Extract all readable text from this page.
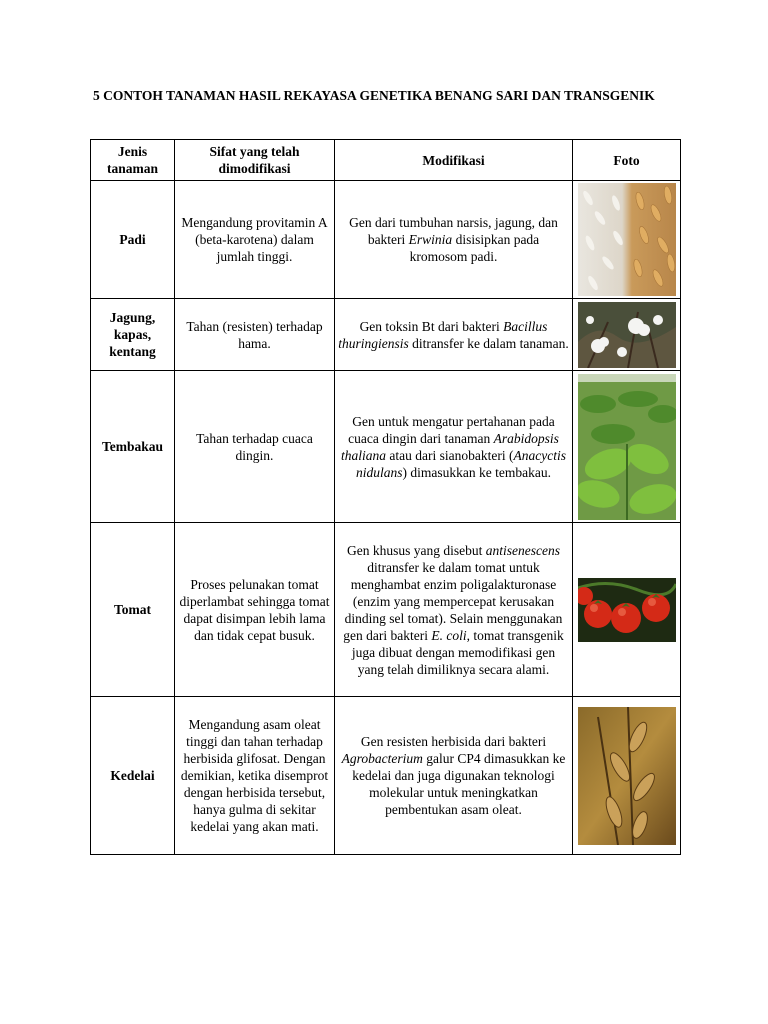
5 CONTOH TANAMAN HASIL REKAYASA GENETIKA BENANG SARI DAN TRANSGENIK

Jenis tanaman	Sifat yang telah dimodifikasi	Modifikasi	Foto
Padi	Mengandung provitamin A (beta-karotena) dalam jumlah tinggi.	Gen dari tumbuhan narsis, jagung, dan bakteri Erwinia disisipkan pada kromosom padi.	

Jagung, kapas, kentang	Tahan (resisten) terhadap hama.	Gen toksin Bt dari bakteri Bacillus thuringiensis ditransfer ke dalam tanaman.	

Tembakau	Tahan terhadap cuaca dingin.	Gen untuk mengatur pertahanan pada cuaca dingin dari tanaman Arabidopsis thaliana atau dari sianobakteri (Anacyctis nidulans) dimasukkan ke tembakau.	

Tomat	Proses pelunakan tomat diperlambat sehingga tomat dapat disimpan lebih lama dan tidak cepat busuk.	Gen khusus yang disebut antisenescens ditransfer ke dalam tomat untuk menghambat enzim poligalakturonase (enzim yang mempercepat kerusakan dinding sel tomat). Selain menggunakan gen dari bakteri E. coli, tomat transgenik juga dibuat dengan memodifikasi gen yang telah dimiliknya secara alami.	

Kedelai	Mengandung asam oleat tinggi dan tahan terhadap herbisida glifosat. Dengan demikian, ketika disemprot dengan herbisida tersebut, hanya gulma di sekitar kedelai yang akan mati.	Gen resisten herbisida dari bakteri Agrobacterium galur CP4 dimasukkan ke kedelai dan juga digunakan teknologi molekular untuk meningkatkan pembentukan asam oleat.	
